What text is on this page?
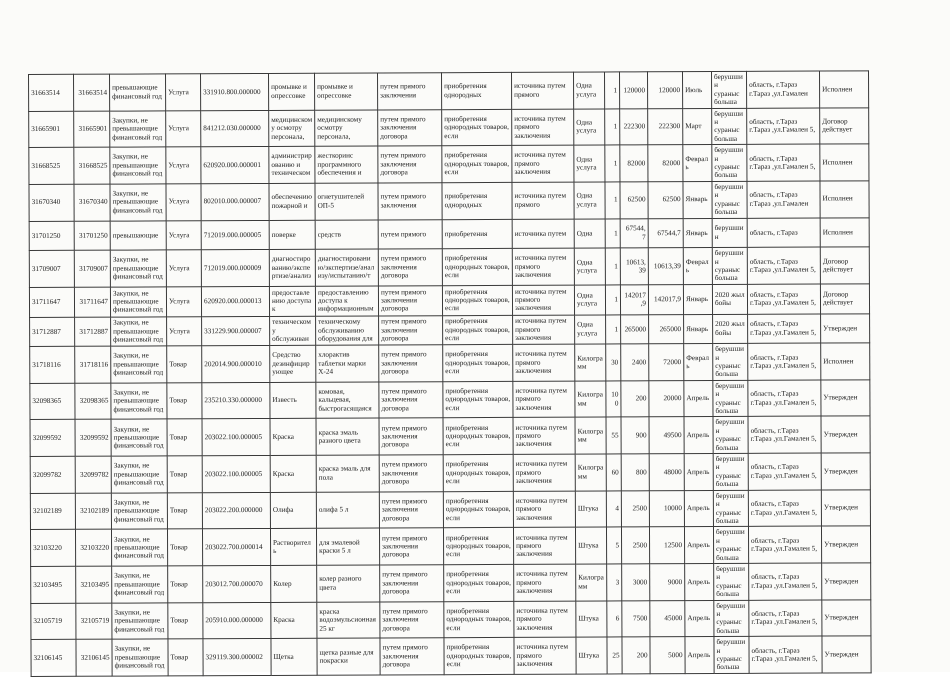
31663514	31663514	превышающие финансовый год	Услуга	331910.800.000000	промывке и опрессовке	промывке и опрессовке	путем прямого заключения	приобретения однородных	источника путем прямого	Одна услуга	1	120000	120000	Июль	берушшин сураныс больша	область, г.Тараз г.Тараз ,ул.Гамален	Исполнен
31665901	31665901	Закупки, не превышающие финансовый год	Услуга	841212.030.000000	медицинскому осмотру персонала,	медицинскому осмотру персонала,	путем прямого заключения договора	приобретения однородных товаров, если	источника путем прямого заключения	Одна услуга	1	222300	222300	Март	берушшин сураныс больша	область, г.Тараз г.Тараз ,ул.Гамален 5,	Договор действует
31668525	31668525	Закупки, не превышающие финансовый год	Услуга	620920.000.000001	администрир ованию и техническом	жесткоринс программного обеспечения и	путем прямого заключения договора	приобретения однородных товаров, если	источника путем прямого заключения	Одна услуга	1	82000	82000	Февраль	берушшин сураныс больша	область, г.Тараз г.Тараз ,ул.Гамален 5,	Исполнен
31670340	31670340	Закупки, не превышающие финансовый год	Услуга	802010.000.000007	обеспечению пожарной и	огнетушителей ОП-5	путем прямого заключения	приобретения однородных	источника путем прямого	Одна услуга	1	62500	62500	Январь	берушшин сураныс больша	область, г.Тараз г.Тараз ,ул.Гамален	Исполнен
31701250	31701250	превышающие	Услуга	712019.000.000005	поверке	средств	путем прямого	приобретения	источника путем	Одна	1	67544,7	67544,7	Январь	берушшин	область, г.Тараз	Исполнен
31709007	31709007	Закупки, не превышающие финансовый год	Услуга	712019.000.000009	диагностиро ванию/экспе ртизе/анализ	диагностированию/экспертизе/анал изу/испытанию/т	путем прямого заключения договора	приобретения однородных товаров, если	источника путем прямого заключения	Одна услуга	1	10613,39	10613,39	Февраль	берушшин сураныс больша	область, г.Тараз г.Тараз ,ул.Гамален 5,	Договор действует
31711647	31711647	Закупки, не превышающие финансовый год	Услуга	620920.000.000013	предоставле нию доступа к	предоставлению доступа к информационным	путем прямого заключения договора	приобретения однородных товаров, если	источника путем прямого заключения	Одна услуга	1	142017,9	142017,9	Январь	2020 жыл бойы	область, г.Тараз г.Тараз ,ул.Гамален 5,	Договор действует
31712887	31712887	Закупки, не превышающие финансовый год	Услуга	331229.900.000007	техническом у обслуживан	техническому обслуживанию оборудования для	путем прямого заключения договора	приобретения однородных товаров, если	источника путем прямого заключения	Одна услуга	1	265000	265000	Январь	2020 жыл бойы	область, г.Тараз г.Тараз ,ул.Гамален 5,	Утвержден
31718116	31718116	Закупки, не превышающие финансовый год	Товар	202014.900.000010	Средство дезинфицир ующее	хлорактив таблетки марки Х-24	путем прямого заключения договора	приобретения однородных товаров, если	источника путем прямого заключения	Килогра мм	30	2400	72000	Февраль	берушшин сураныс больша	область, г.Тараз г.Тараз ,ул.Гамален 5,	Исполнен
32098365	32098365	Закупки, не превышающие финансовый год	Товар	235210.330.000000	Известь	комовая, кальцевая, быстрогасящаяся	путем прямого заключения договора	приобретения однородных товаров, если	источника путем прямого заключения	Килогра мм	100	200	20000	Апрель	берушшин сураныс больша	область, г.Тараз г.Тараз ,ул.Гамален 5,	Утвержден
32099592	32099592	Закупки, не превышающие финансовый год	Товар	203022.100.000005	Краска	краска эмаль разного цвета	путем прямого заключения договора	приобретения однородных товаров, если	источника путем прямого заключения	Килогра мм	55	900	49500	Апрель	берушшин сураныс больша	область, г.Тараз г.Тараз ,ул.Гамален 5,	Утвержден
32099782	32099782	Закупки, не превышающие финансовый год	Товар	203022.100.000005	Краска	краска эмаль для пола	путем прямого заключения договора	приобретения однородных товаров, если	источника путем прямого заключения	Килогра мм	60	800	48000	Апрель	берушшин сураныс больша	область, г.Тараз г.Тараз ,ул.Гамален 5,	Утвержден
32102189	32102189	Закупки, не превышающие финансовый год	Товар	203022.200.000000	Олифа	олифа 5 л	путем прямого заключения договора	приобретения однородных товаров, если	источника путем прямого заключения	Штука	4	2500	10000	Апрель	берушшин сураныс больша	область, г.Тараз г.Тараз ,ул.Гамален 5,	Утвержден
32103220	32103220	Закупки, не превышающие финансовый год	Товар	203022.700.000014	Растворител ь	для эмалевой краски 5 л	путем прямого заключения договора	приобретения однородных товаров, если	источника путем прямого заключения	Штука	5	2500	12500	Апрель	берушшин сураныс больша	область, г.Тараз г.Тараз ,ул.Гамален 5,	Утвержден
32103495	32103495	Закупки, не превышающие финансовый год	Товар	203012.700.000070	Колер	колер разного цвета	путем прямого заключения договора	приобретения однородных товаров, если	источника путем прямого заключения	Килогра мм	3	3000	9000	Апрель	берушшин сураныс больша	область, г.Тараз г.Тараз ,ул.Гамален 5,	Утвержден
32105719	32105719	Закупки, не превышающие финансовый год	Товар	205910.000.000000	Краска	краска водоэмульсионная 25 кг	путем прямого заключения договора	приобретения однородных товаров, если	источника путем прямого заключения	Штука	6	7500	45000	Апрель	берушшин сураныс больша	область, г.Тараз г.Тараз ,ул.Гамален 5,	Утвержден
32106145	32106145	Закупки, не превышающие финансовый год	Товар	329119.300.000002	Щетка	щетка разные для покраски	путем прямого заключения договора	приобретения однородных товаров, если	источника путем прямого заключения	Штука	25	200	5000	Апрель	берушшин сураныс больша	область, г.Тараз г.Тараз ,ул.Гамален 5,	Утвержден
